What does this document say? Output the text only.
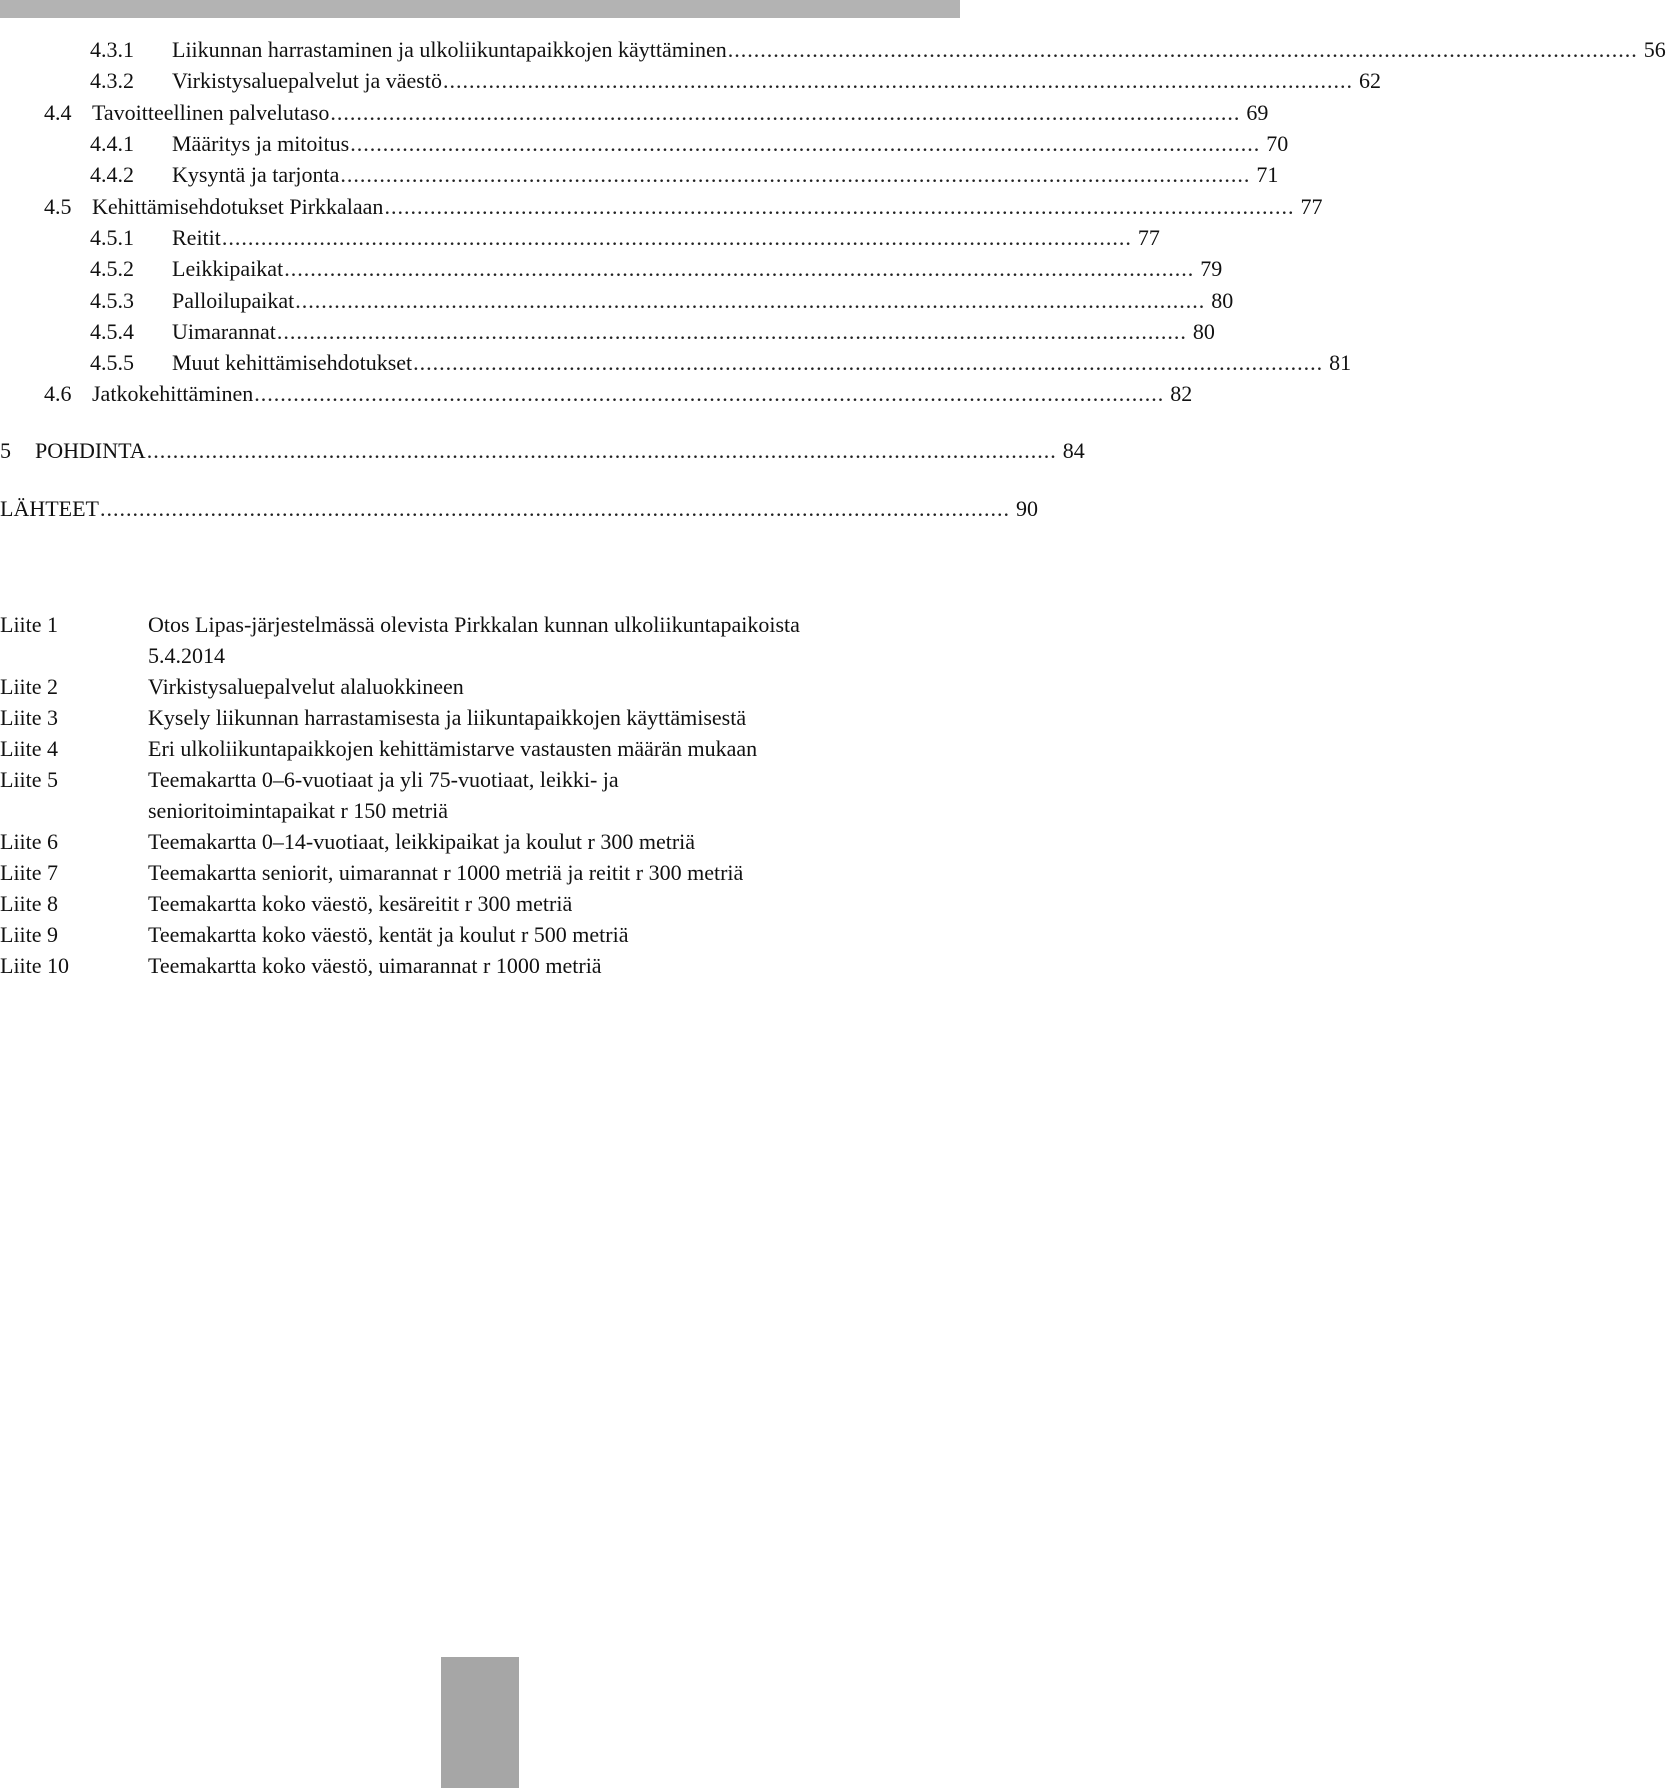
4.3.1	Liikunnan harrastaminen ja ulkoliikuntapaikkojen käyttäminen ............................................................................................................................................ 56
4.3.2	Virkistysaluepalvelut ja väestö ............................................................................................................................................ 62
4.4 Tavoitteellinen palvelutaso ............................................................................................................................................ 69
4.4.1	Määritys ja mitoitus ............................................................................................................................................ 70
4.4.2	Kysyntä ja tarjonta ............................................................................................................................................ 71
4.5 Kehittämisehdotukset Pirkkalaan ............................................................................................................................................ 77
4.5.1	Reitit ............................................................................................................................................ 77
4.5.2	Leikkipaikat ............................................................................................................................................ 79
4.5.3	Palloilupaikat ............................................................................................................................................ 80
4.5.4	Uimarannat ............................................................................................................................................ 80
4.5.5	Muut kehittämisehdotukset ............................................................................................................................................ 81
4.6 Jatkokehittäminen ............................................................................................................................................ 82
5	POHDINTA ............................................................................................................................................ 84
LÄHTEET ............................................................................................................................................ 90
Liite 1	Otos Lipas-järjestelmässä olevista Pirkkalan kunnan ulkoliikuntapaikoista
5.4.2014
Liite 2	Virkistysaluepalvelut alaluokkineen
Liite 3	Kysely liikunnan harrastamisesta ja liikuntapaikkojen käyttämisestä
Liite 4	Eri ulkoliikuntapaikkojen kehittämistarve vastausten määrän mukaan
Liite 5	Teemakartta 0‒6-vuotiaat ja yli 75-vuotiaat, leikki- ja
senioritoimintapaikat r 150 metriä
Liite 6	Teemakartta 0‒14-vuotiaat, leikkipaikat ja koulut r 300 metriä
Liite 7	Teemakartta seniorit, uimarannat r 1000 metriä ja reitit r 300 metriä
Liite 8	Teemakartta koko väestö, kesäreitit r 300 metriä
Liite 9	Teemakartta koko väestö, kentät ja koulut r 500 metriä
Liite 10	Teemakartta koko väestö, uimarannat r 1000 metriä
